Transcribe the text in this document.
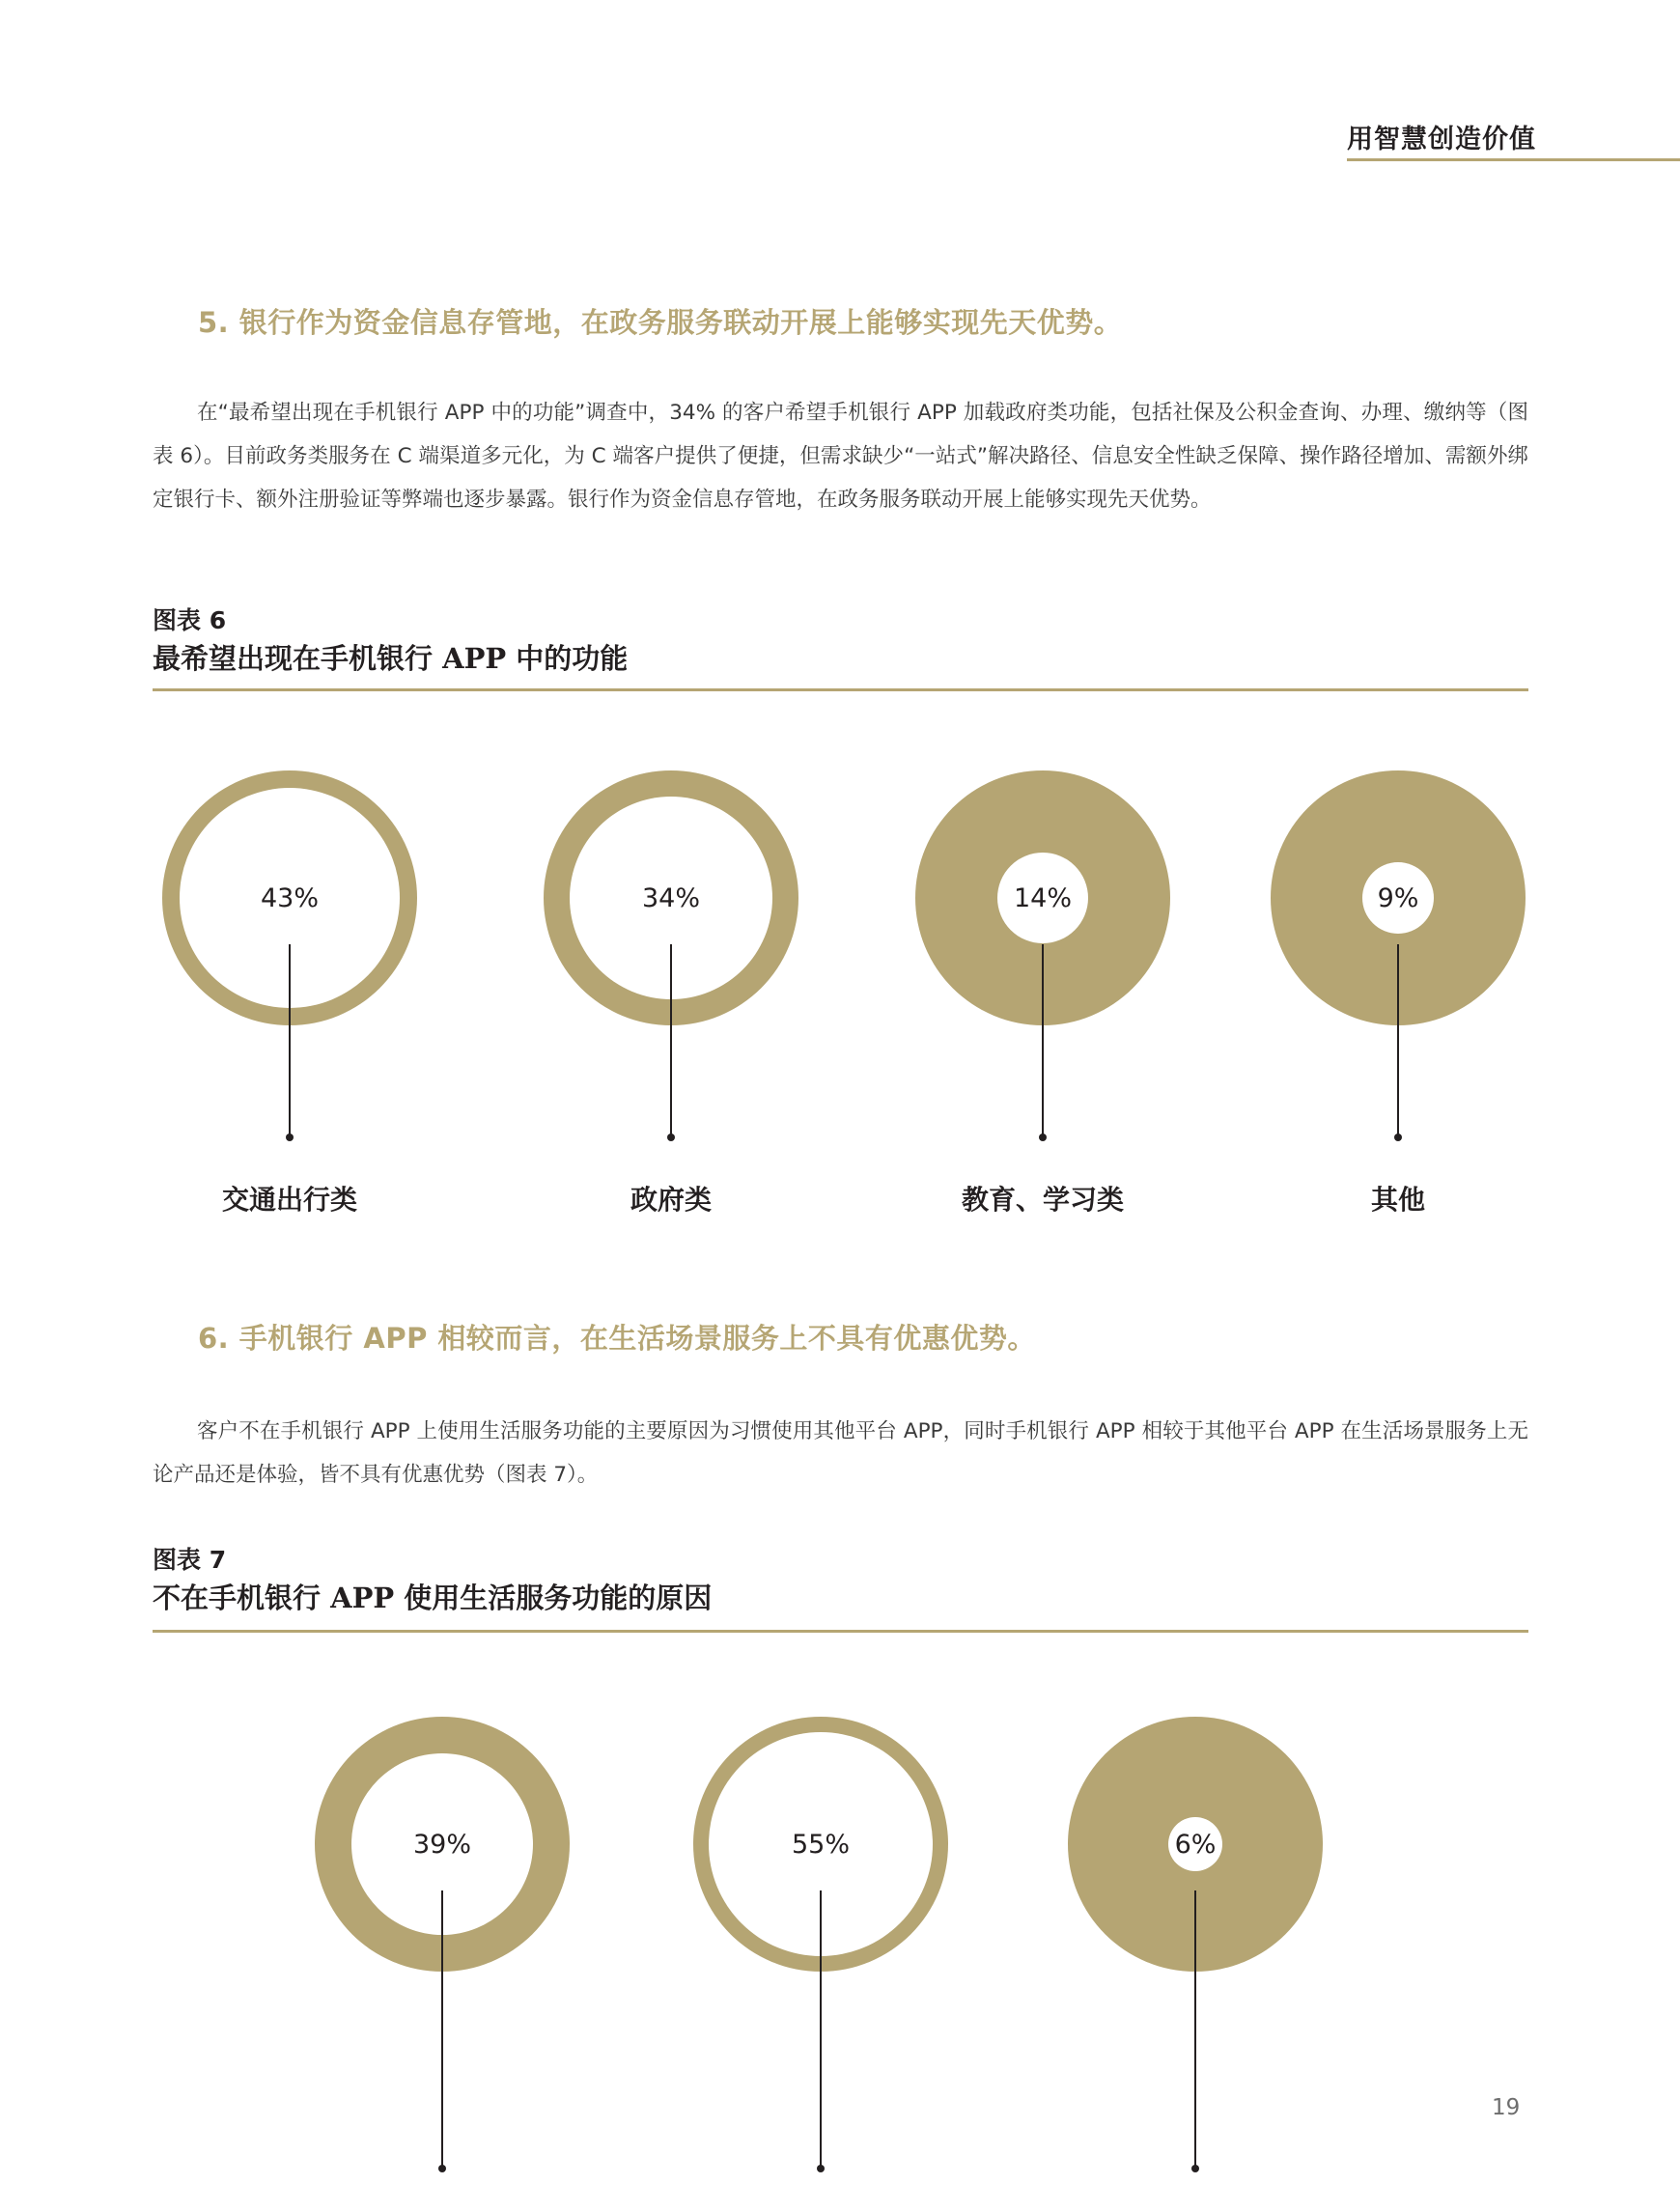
用智慧创造价值
5. 银行作为资金信息存管地，在政务服务联动开展上能够实现先天优势。
在“最希望出现在手机银行 APP 中的功能”调查中，34% 的客户希望手机银行 APP 加载政府类功能，包括社保及公积金查询、办理、缴纳等（图表 6）。目前政务类服务在 C 端渠道多元化，为 C 端客户提供了便捷，但需求缺少“一站式”解决路径、信息安全性缺乏保障、操作路径增加、需额外绑定银行卡、额外注册验证等弊端也逐步暴露。银行作为资金信息存管地，在政务服务联动开展上能够实现先天优势。
图表 6
最希望出现在手机银行 APP 中的功能
43%
交通出行类
34%
政府类
14%
教育、学习类
9%
其他
6. 手机银行 APP 相较而言，在生活场景服务上不具有优惠优势。
客户不在手机银行 APP 上使用生活服务功能的主要原因为习惯使用其他平台 APP，同时手机银行 APP 相较于其他平台 APP 在生活场景服务上无论产品还是体验，皆不具有优惠优势（图表 7）。
图表 7
不在手机银行 APP 使用生活服务功能的原因
39%	55%	6%
19
